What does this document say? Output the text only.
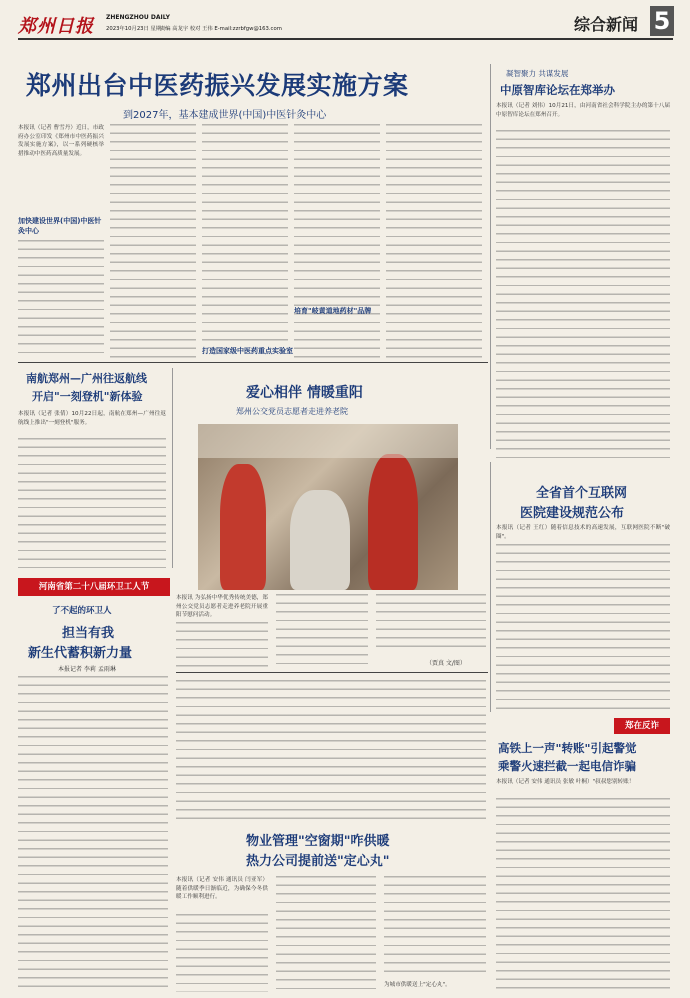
郑州日报 ZHENGZHOU DAILY
2023年10月23日 星期一
责编 高龙宇 校对 王伟 E-mail:zzrbfgw@163.com	综合新闻 5
郑州出台中医药振兴发展实施方案
到2027年，基本建成世界(中国)中医针灸中心
本报讯（记者 曹雪丹）近日，市政府办公室印发《郑州市中医药振兴发展实施方案》，以一系列硬核举措推动中医药高质量发展。
加快建设世界(中国)中医针灸中心
打造国家级中医药重点实验室
培育"岐黄道地药材"品牌
凝智聚力 共谋发展
中原智库论坛在郑举办
本报讯（记者 刘伟）10月21日，由河南省社会科学院主办的第十八届中原智库论坛在郑州召开。
南航郑州—广州往返航线
开启"一刻登机"新体验
本报讯（记者 张倩）10月22日起，南航在郑州—广州往返航线上推出"一刻登机"服务。
爱心相伴 情暖重阳
郑州公交党员志愿者走进养老院
本报讯 为弘扬中华优秀传统美德，郑州公交党员志愿者走进养老院开展重阳节慰问活动。
（贾真 文/图）
全省首个互联网
医院建设规范公布
本报讯（记者 王红）随着信息技术的高速发展，互联网医院不断"破圈"。
河南省第二十八届环卫工人节
了不起的环卫人
担当有我
新生代蓄积新力量
本报记者 李莉 孟雨琳
物业管理"空窗期"咋供暖
热力公司提前送"定心丸"
本报讯（记者 安伟 通讯员 闫亚军）随着供暖季日渐临近，为确保今冬供暖工作顺利进行。
为城市供暖送上"定心丸"。
郑在反诈
高铁上一声"转账"引起警觉
乘警火速拦截一起电信诈骗
本报讯（记者 安伟 通讯员 张敏 叶桐）"叔叔您别转账！
